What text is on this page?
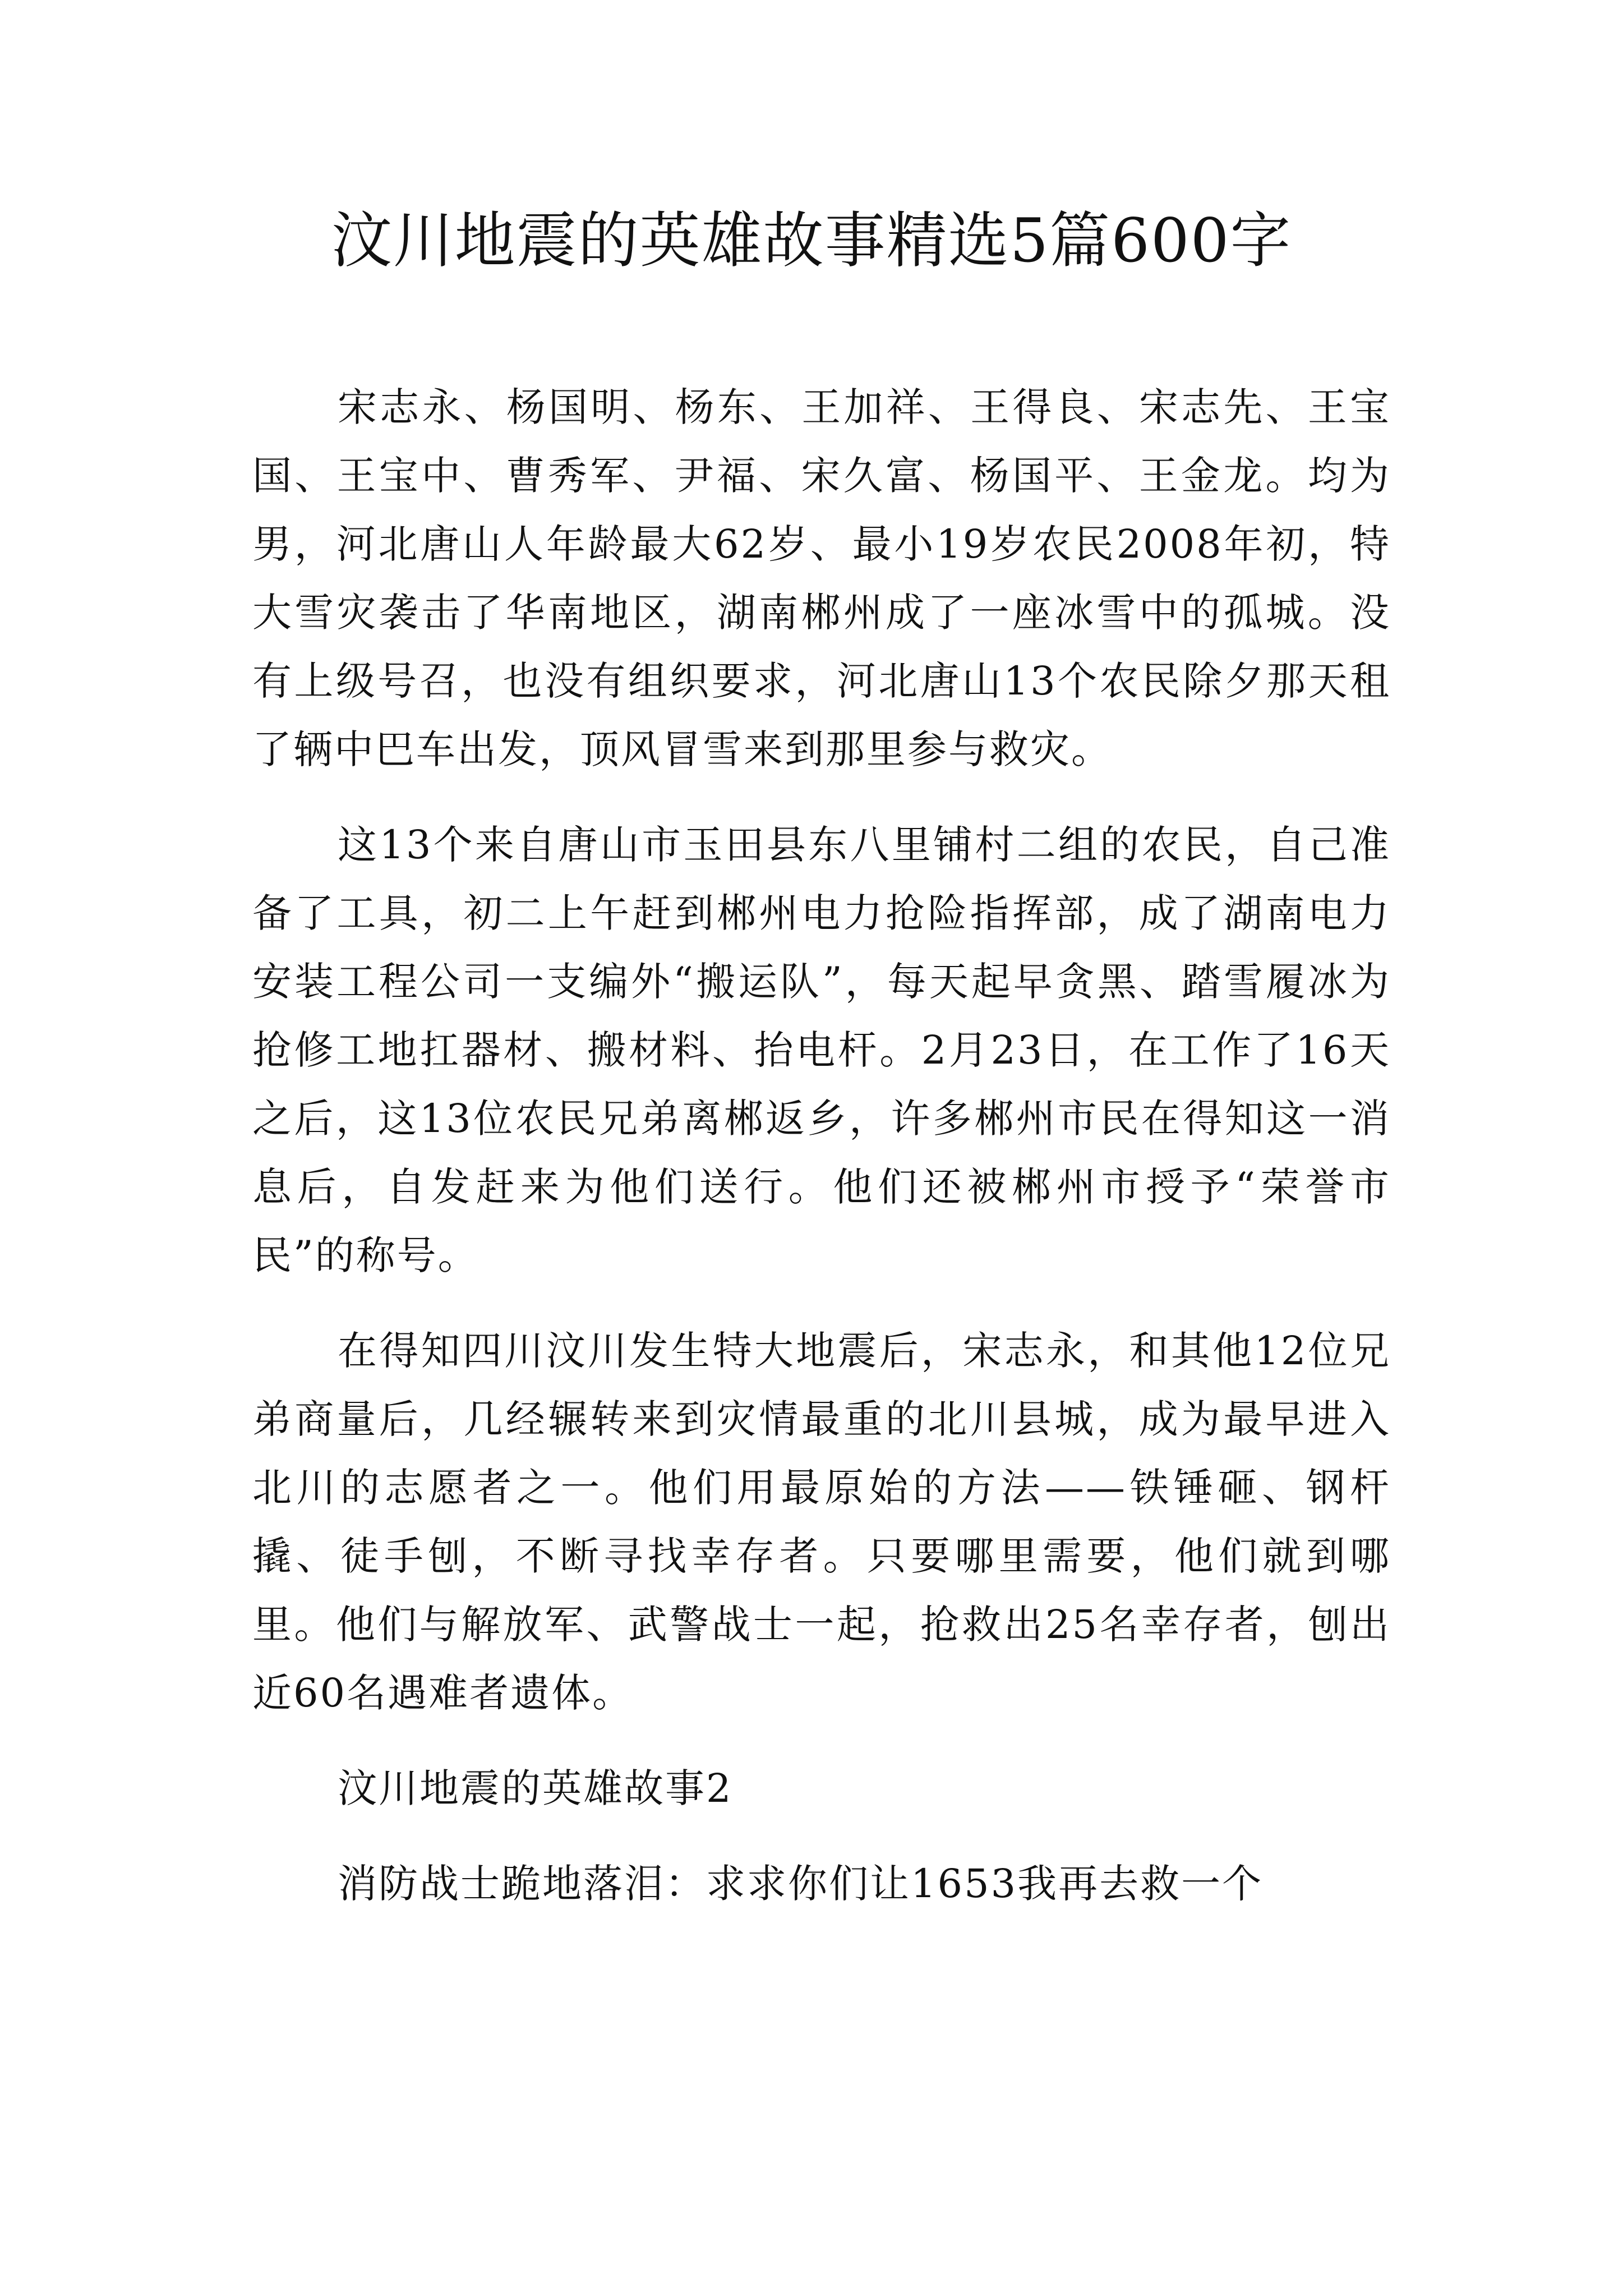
汶川地震的英雄故事精选5篇600字

宋志永、杨国明、杨东、王加祥、王得良、宋志先、王宝国、王宝中、曹秀军、尹福、宋久富、杨国平、王金龙。均为男，河北唐山人年龄最大62岁、最小19岁农民2008年初，特大雪灾袭击了华南地区，湖南郴州成了一座冰雪中的孤城。没有上级号召，也没有组织要求，河北唐山13个农民除夕那天租了辆中巴车出发，顶风冒雪来到那里参与救灾。

这13个来自唐山市玉田县东八里铺村二组的农民，自己准备了工具，初二上午赶到郴州电力抢险指挥部，成了湖南电力安装工程公司一支编外“搬运队”，每天起早贪黑、踏雪履冰为抢修工地扛器材、搬材料、抬电杆。2月23日，在工作了16天之后，这13位农民兄弟离郴返乡，许多郴州市民在得知这一消息后，自发赶来为他们送行。他们还被郴州市授予“荣誉市民”的称号。

在得知四川汶川发生特大地震后，宋志永，和其他12位兄弟商量后，几经辗转来到灾情最重的北川县城，成为最早进入北川的志愿者之一。他们用最原始的方法——铁锤砸、钢杆撬、徒手刨，不断寻找幸存者。只要哪里需要，他们就到哪里。他们与解放军、武警战士一起，抢救出25名幸存者，刨出近60名遇难者遗体。

汶川地震的英雄故事2

消防战士跪地落泪：求求你们让1653我再去救一个
